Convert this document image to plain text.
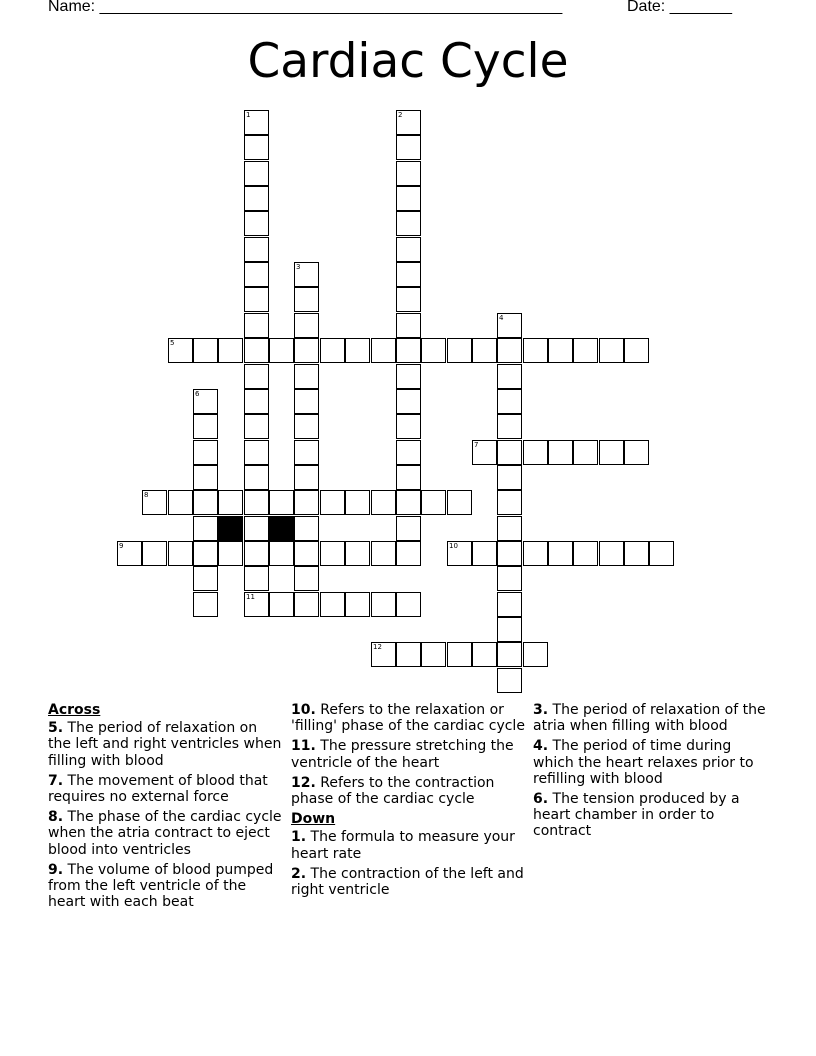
Name: ____________________________________________________	Date: _______
Cardiac Cycle
1
11
2
3
4
5
6
7
8
9	10
12
Across

5. The period of relaxation on the left and right ventricles when filling with blood

7. The movement of blood that requires no external force

8. The phase of the cardiac cycle when the atria contract to eject blood into ventricles

9. The volume of blood pumped from the left ventricle of the heart with each beat

10. Refers to the relaxation or 'filling' phase of the cardiac cycle

11. The pressure stretching the ventricle of the heart

12. Refers to the contraction phase of the cardiac cycle

Down

1. The formula to measure your heart rate

2. The contraction of the left and right ventricle

3. The period of relaxation of the atria when filling with blood

4. The period of time during which the heart relaxes prior to refilling with blood

6. The tension produced by a heart chamber in order to contract
